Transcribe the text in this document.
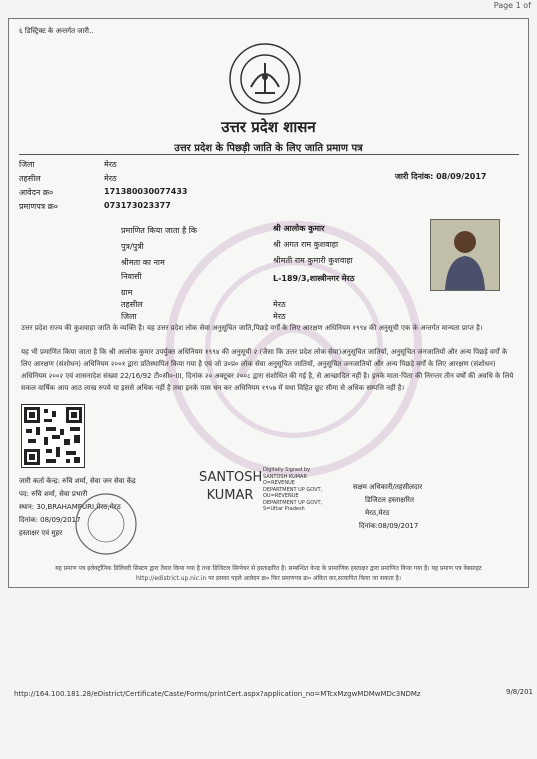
Page 1 of
६ डिस्ट्रिक्ट के अन्तर्गत जारी..
उत्तर प्रदेश शासन
उत्तर प्रदेश के पिछड़ी जाति के लिए जाति प्रमाण पत्र
जिला	मेरठ
तहसील	मेरठ
आवेदन क्र०	171380030077433
प्रमाणपत्र क्र०	073173023377
जारी दिनांक: 08/09/2017
प्रमाणित किया जाता है कि	श्री आलोक कुमार
पुत्र/पुत्री	श्री अगत राम कुशवाहा
श्रीमता का नाम	श्रीमती राम कुमारी कुशवाहा
निवासी	L-189/3,शास्त्रीनगर मेरठ
ग्राम
तहसील	मेरठ
जिला	मेरठ
उत्तर प्रदेश राज्य की कुशवाहा जाति के व्यक्ति है। यह उत्तर प्रदेश लोक सेवा अनुसूचित जाति,पिछड़े वर्गों के लिए आरक्षण अधिनियम १९९४ की अनुसूची एक के अन्तर्गत मान्यता प्राप्त है।
यह भी प्रमाणित किया जाता है कि श्री आलोक कुमार उपर्युक्त अधिनियम १९९४ की अनुसूची २ (जैसा कि उत्तर प्रदेश लोक सेवा)अनुसूचित जातियों, अनुसूचित जनजातियों और अन्य पिछड़े वर्गों के लिए आरक्षण (संशोधन) अधिनियम २००१ द्वारा प्रतिस्थापित किया गया है एवं जो उ०प्र० लोक सेवा अनुसूचित जातियों, अनुसूचित जनजातियों और अन्य पिछड़े वर्गों के लिए आरक्षण (संशोधन) अधिनियम २००२ एवं शासनादेश संख्या 22/16/92 टी०सी०-III, दिनांक २० अक्टूबर २००८ द्वारा संशोधित की गई है, से आच्छादित नहीं है। इनके माता-पिता की निरन्तर तीन वर्षों की अवधि के लिये सकल वार्षिक आय आठ लाख रुपये या इससे अधिक नहीं है तथा इनके पास धन कर अधिनियम १९५७ में यथा विहित छूट सीमा से अधिक सम्पत्ति नहीं है।
जारी कर्ता केन्द्र: रुचि शर्मा, सेवा जन सेवा केंद्र
पद: रुचि शर्मा, सेवा प्रभारी
स्थान: 30,BRAHAMPURI,मेरठ,मेरठ
दिनांक: 08/09/2017
हस्ताक्षर एवं मुहर
SANTOSH
KUMAR
Digitally Signed by
SANTOSH KUMAR
O=REVENUE
DEPARTMENT UP GOVT,
OU=REVENUE
DEPARTMENT UP GOVT,
S=Uttar Pradesh
सक्षम अधिकारी/तहसीलदार
डिजिटल हस्ताक्षरित
मेरठ,मेरठ
दिनांक:08/09/2017
यह प्रमाण पत्र इलेक्ट्रॉनिक डिलिवरी सिस्टम द्वारा तैयार किया गया है तथा डिजिटल सिग्नेचर से हस्ताक्षरित है। सम्बन्धित केन्द्र के प्रामाणिक हस्ताक्षर द्वारा प्रमाणित किया गया है। यह प्रमाण पत्र वेबसाइट
http://edistrict.up.nic.in पर इसका पहले आवेदन क्र० फिर प्रमाणपत्र क्र० अंकित कर,सत्यापित किया जा सकता है।
http://164.100.181.28/eDistrict/Certificate/Caste/Forms/printCert.aspx?application_no=MTcxMzgwMDMwMDc3NDMz	9/8/201
